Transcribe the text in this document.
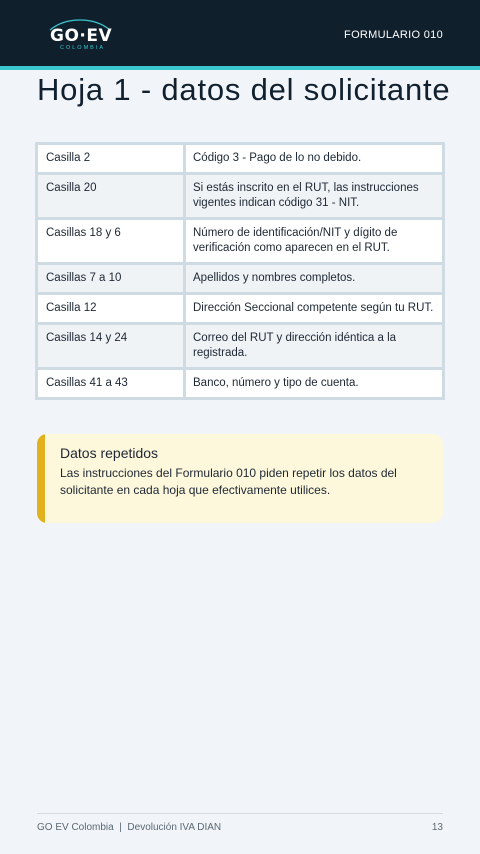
GO·EV
COLOMBIA
FORMULARIO 010
Hoja 1 - datos del solicitante
Casilla 2	Código 3 - Pago de lo no debido.
Casilla 20	Si estás inscrito en el RUT, las instrucciones vigentes indican código 31 - NIT.
Casillas 18 y 6	Número de identificación/NIT y dígito de verificación como aparecen en el RUT.
Casillas 7 a 10	Apellidos y nombres completos.
Casilla 12	Dirección Seccional competente según tu RUT.
Casillas 14 y 24	Correo del RUT y dirección idéntica a la registrada.
Casillas 41 a 43	Banco, número y tipo de cuenta.
Datos repetidos
Las instrucciones del Formulario 010 piden repetir los datos del solicitante en cada hoja que efectivamente utilices.
GO EV Colombia  |  Devolución IVA DIAN	13
